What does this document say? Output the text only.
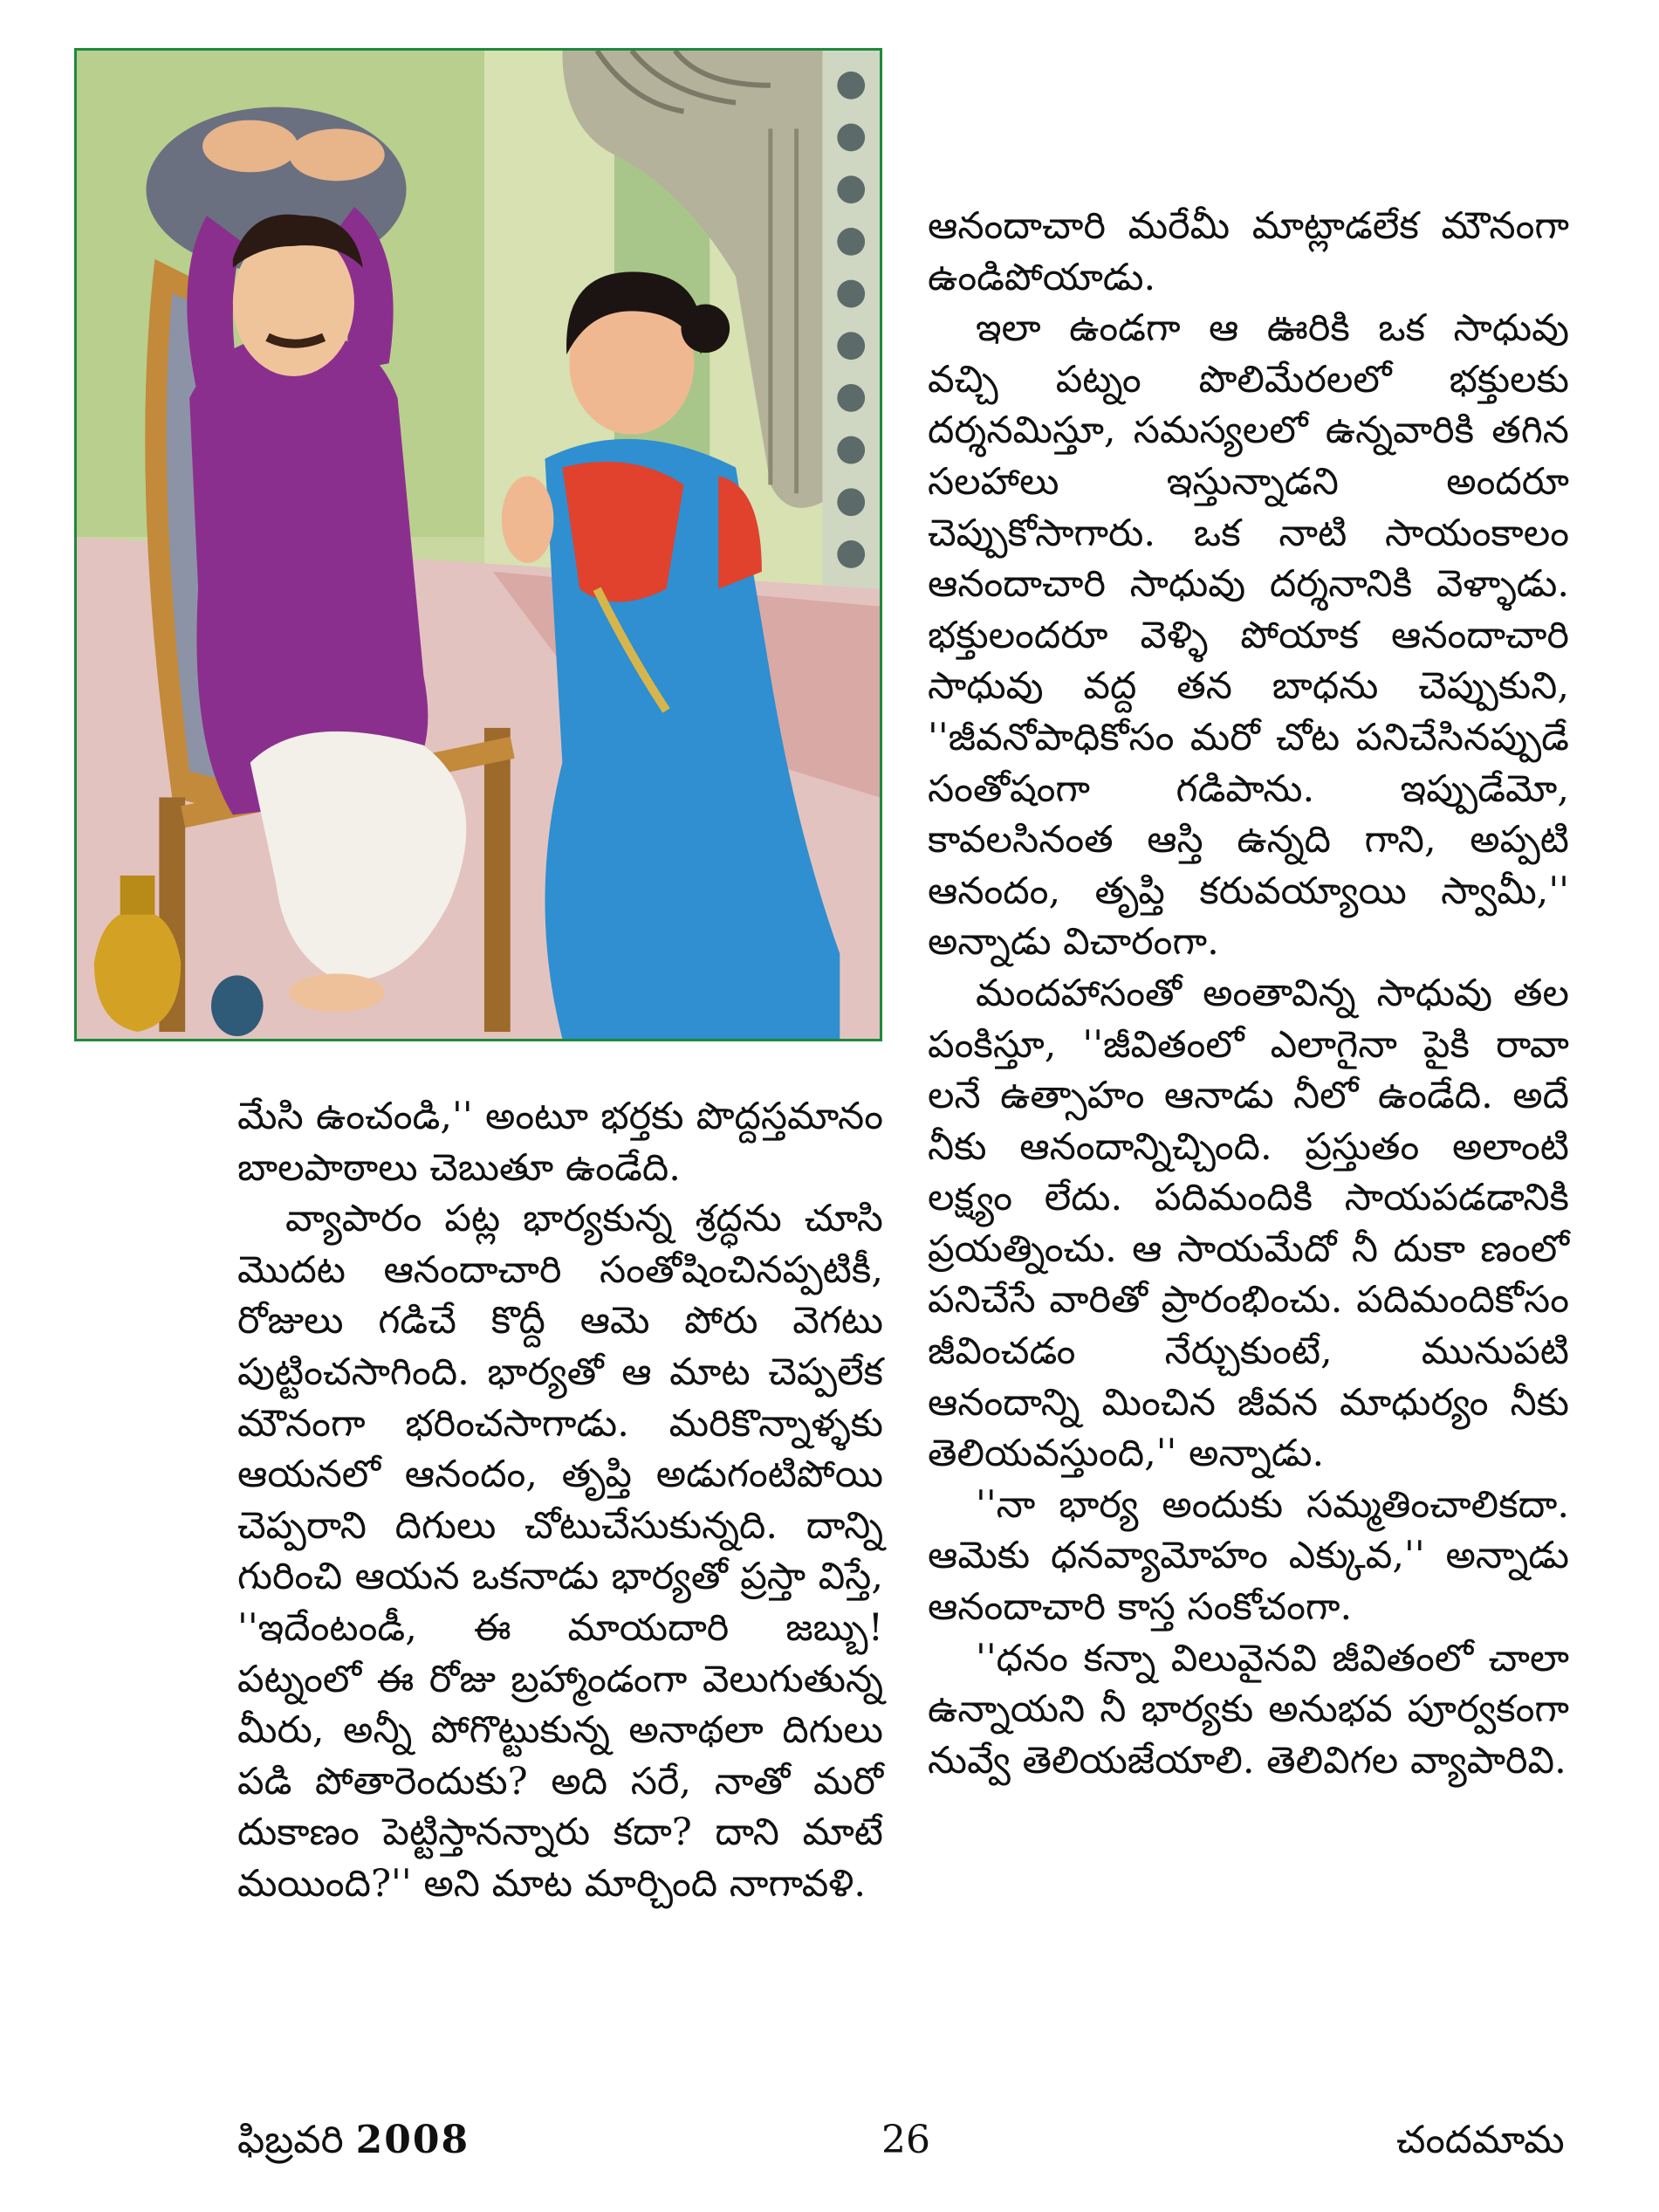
ఆనందాచారి మరేమీ మాట్లాడలేక మౌనంగా ఉండిపోయాడు.

ఇలా ఉండగా ఆ ఊరికి ఒక సాధువు వచ్చి పట్నం పొలిమేరలలో భక్తులకు దర్శనమిస్తూ, సమస్యలలో ఉన్నవారికి తగిన సలహాలు ఇస్తున్నాడని అందరూ చెప్పుకోసాగారు. ఒక నాటి సాయంకాలం ఆనందాచారి సాధువు దర్శనానికి వెళ్ళాడు. భక్తులందరూ వెళ్ళి పోయాక ఆనందాచారి సాధువు వద్ద తన బాధను చెప్పుకుని, ''జీవనోపాధికోసం మరో చోట పనిచేసినప్పుడే సంతోషంగా గడిపాను. ఇప్పుడేమో, కావలసినంత ఆస్తి ఉన్నది గాని, అప్పటి ఆనందం, తృప్తి కరువయ్యాయి స్వామీ,'' అన్నాడు విచారంగా.

మందహాసంతో అంతావిన్న సాధువు తల పంకిస్తూ, ''జీవితంలో ఎలాగైనా పైకి రావా లనే ఉత్సాహం ఆనాడు నీలో ఉండేది. అదే నీకు ఆనందాన్నిచ్చింది. ప్రస్తుతం అలాంటి లక్ష్యం లేదు. పదిమందికి సాయపడడానికి ప్రయత్నించు. ఆ సాయమేదో నీ దుకా ణంలో పనిచేసే వారితో ప్రారంభించు. పదిమందికోసం జీవించడం నేర్చుకుంటే, మునుపటి ఆనందాన్ని మించిన జీవన మాధుర్యం నీకు తెలియవస్తుంది,'' అన్నాడు.

''నా భార్య అందుకు సమ్మతించాలికదా. ఆమెకు ధనవ్యామోహం ఎక్కువ,'' అన్నాడు ఆనందాచారి కాస్త సంకోచంగా.

''ధనం కన్నా విలువైనవి జీవితంలో చాలా ఉన్నాయని నీ భార్యకు అనుభవ పూర్వకంగా నువ్వే తెలియజేయాలి. తెలివిగల వ్యాపారివి.

మేసి ఉంచండి,'' అంటూ భర్తకు పొద్దస్తమానం బాలపాఠాలు చెబుతూ ఉండేది.

వ్యాపారం పట్ల భార్యకున్న శ్రద్ధను చూసి మొదట ఆనందాచారి సంతోషించినప్పటికీ, రోజులు గడిచే కొద్దీ ఆమె పోరు వెగటు పుట్టించసాగింది. భార్యతో ఆ మాట చెప్పలేక మౌనంగా భరించసాగాడు. మరికొన్నాళ్ళకు ఆయనలో ఆనందం, తృప్తి అడుగంటిపోయి చెప్పరాని దిగులు చోటుచేసుకున్నది. దాన్ని గురించి ఆయన ఒకనాడు భార్యతో ప్రస్తా విస్తే, ''ఇదేంటండీ, ఈ మాయదారి జబ్బు! పట్నంలో ఈ రోజు బ్రహ్మాండంగా వెలుగుతున్న మీరు, అన్నీ పోగొట్టుకున్న అనాథలా దిగులు పడి పోతారెందుకు? అది సరే, నాతో మరో దుకాణం పెట్టిస్తానన్నారు కదా? దాని మాటే మయింది?'' అని మాట మార్చింది నాగావళి.

ఫిబ్రవరి 2008	26	చందమామ
